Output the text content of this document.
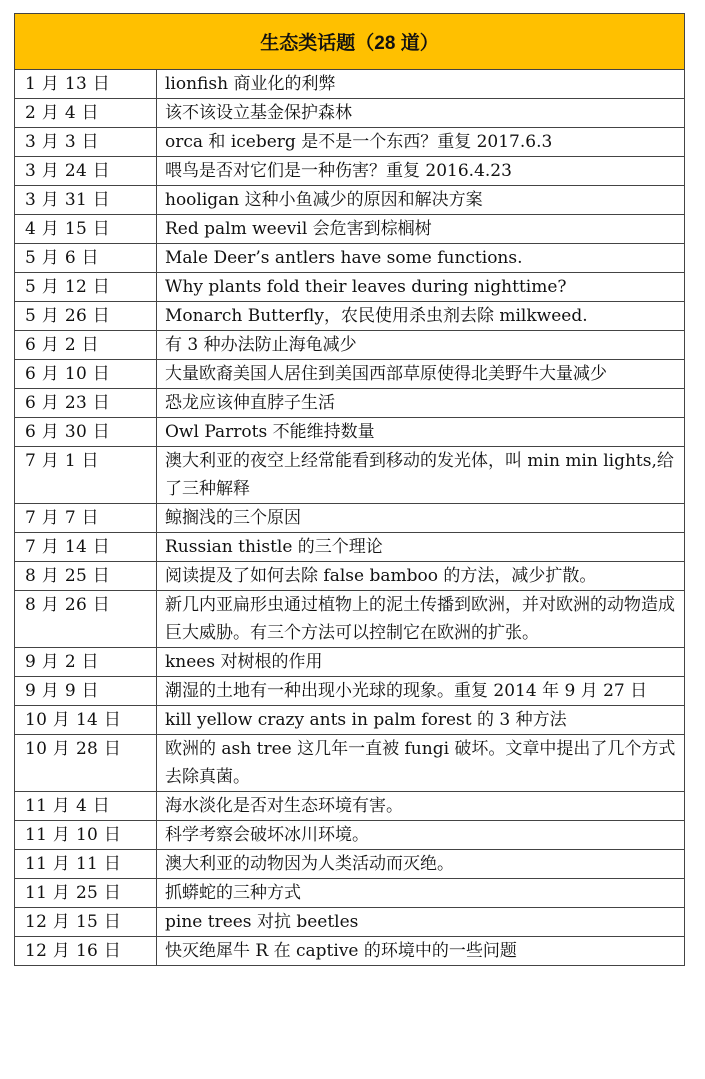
生态类话题（28 道）	
1 月 13 日	lionfish 商业化的利弊
2 月 4 日	该不该设立基金保护森林
3 月 3 日	orca 和 iceberg 是不是一个东西？重复 2017.6.3
3 月 24 日	喂鸟是否对它们是一种伤害？重复 2016.4.23
3 月 31 日	hooligan 这种小鱼减少的原因和解决方案
4 月 15 日	Red palm weevil 会危害到棕榈树
5 月 6 日	Male Deer’s antlers have some functions.
5 月 12 日	Why plants fold their leaves during nighttime?
5 月 26 日	Monarch Butterfly，农民使用杀虫剂去除 milkweed.
6 月 2 日	有 3 种办法防止海龟减少
6 月 10 日	大量欧裔美国人居住到美国西部草原使得北美野牛大量减少
6 月 23 日	恐龙应该伸直脖子生活
6 月 30 日	Owl Parrots 不能维持数量
7 月 1 日	澳大利亚的夜空上经常能看到移动的发光体，叫 min min lights,给了三种解释
7 月 7 日	鲸搁浅的三个原因
7 月 14 日	Russian thistle 的三个理论
8 月 25 日	阅读提及了如何去除 false bamboo 的方法，减少扩散。
8 月 26 日	新几内亚扁形虫通过植物上的泥土传播到欧洲，并对欧洲的动物造成巨大威胁。有三个方法可以控制它在欧洲的扩张。
9 月 2 日	knees 对树根的作用
9 月 9 日	潮湿的土地有一种出现小光球的现象。重复 2014 年 9 月 27 日
10 月 14 日	kill yellow crazy ants in palm forest 的 3 种方法
10 月 28 日	欧洲的 ash tree 这几年一直被 fungi 破坏。文章中提出了几个方式去除真菌。
11 月 4 日	海水淡化是否对生态环境有害。
11 月 10 日	科学考察会破坏冰川环境。
11 月 11 日	澳大利亚的动物因为人类活动而灭绝。
11 月 25 日	抓蟒蛇的三种方式
12 月 15 日	pine trees 对抗 beetles
12 月 16 日	快灭绝犀牛 R 在 captive 的环境中的一些问题
